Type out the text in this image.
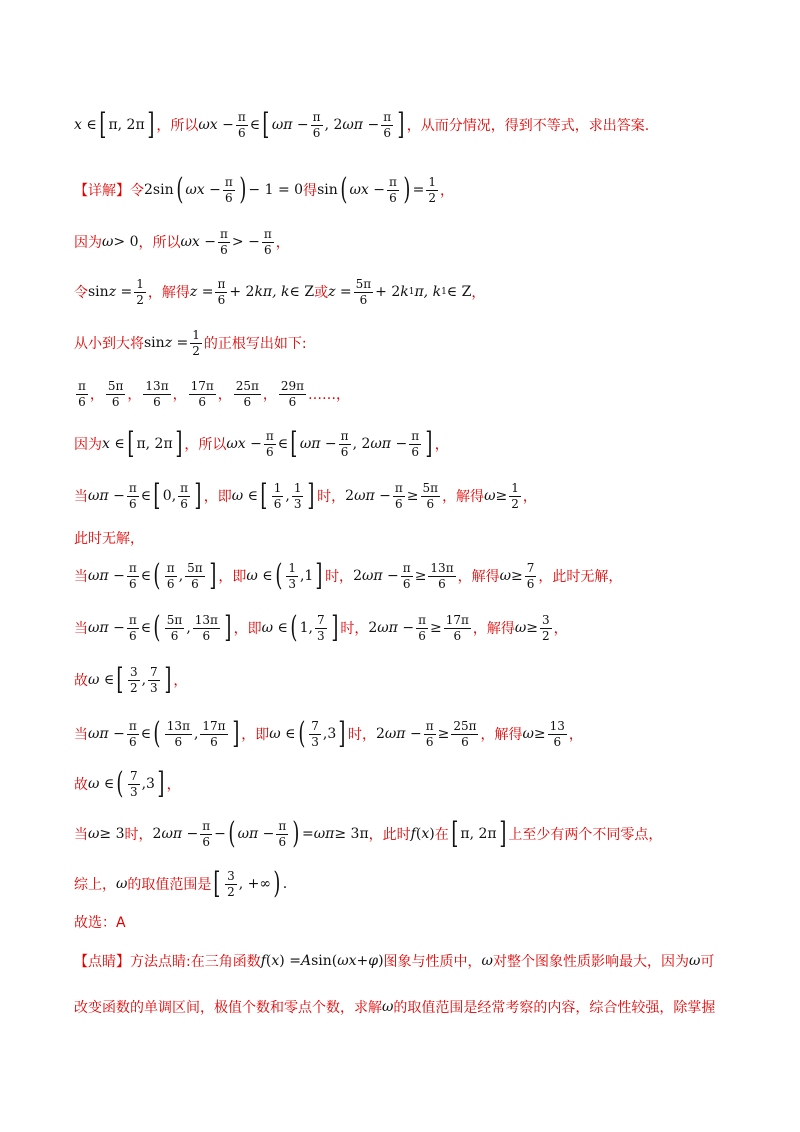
x ∈ [ π, 2π ] ，所以 $\omega x - \frac{\pi}{6}$ ∈ [ $\omega\pi - \frac{\pi}{6}$ , 2 $\omega\pi - \frac{\pi}{6}$ ] ，从而分情况，得到不等式，求出答案.
【详解】 令 2sin ( $\omega x - \frac{\pi}{6}$ ) − 1 = 0 得 sin ( $\omega x - \frac{\pi}{6}$ ) = $\frac{1}{2}$ ，
因为 ω > 0 ，所以 $\omega x - \frac{\pi}{6}$ > − $\frac{\pi}{6}$ ，
令 $\sin z = \frac{1}{2}$ ，解得 $z = \frac{\pi}{6} + 2$ kπ, k ∈ Z 或 $z = \frac{5\pi}{6} + 2$ k 1 π, k 1 ∈ Z ，
从小到大将 $\sin z = \frac{1}{2}$ 的正根写出如下:
$\frac{\pi}{6}$ ， $\frac{5\pi}{6}$ ， $\frac{13\pi}{6}$ ， $\frac{17\pi}{6}$ ， $\frac{25\pi}{6}$ ， $\frac{29\pi}{6}$ ……，
因为 x ∈ [ π, 2π ] ，所以 $\omega x - \frac{\pi}{6}$ ∈ [ $\omega\pi - \frac{\pi}{6}$ , 2 $\omega\pi - \frac{\pi}{6}$ ] ，
当 $\omega\pi - \frac{\pi}{6}$ ∈ [ 0, $\frac{\pi}{6}$ ] ，即 ω ∈ [ $\frac{1}{6}$ , $\frac{1}{3}$ ] 时， 2 $\omega\pi - \frac{\pi}{6} \ge \frac{5\pi}{6}$ ，解得 $\omega \ge \frac{1}{2}$ ，
此时无解，
当 $\omega\pi - \frac{\pi}{6}$ ∈ ( $\frac{\pi}{6}$ , $\frac{5\pi}{6}$ ] ，即 ω ∈ ( $\frac{1}{3} ,1$ ] 时， 2 $\omega\pi - \frac{\pi}{6} \ge \frac{13\pi}{6}$ ，解得 $\omega \ge \frac{7}{6}$ ，此时无解，
当 $\omega\pi - \frac{\pi}{6}$ ∈ ( $\frac{5\pi}{6}$ , $\frac{13\pi}{6}$ ] ，即 ω ∈ ( 1, $\frac{7}{3}$ ] 时， 2 $\omega\pi - \frac{\pi}{6} \ge \frac{17\pi}{6}$ ，解得 $\omega \ge \frac{3}{2}$ ，
故 ω ∈ [ $\frac{3}{2}$ , $\frac{7}{3}$ ] ，
当 $\omega\pi - \frac{\pi}{6}$ ∈ ( $\frac{13\pi}{6}$ , $\frac{17\pi}{6}$ ] ，即 ω ∈ ( $\frac{7}{3} ,3$ ] 时， 2 $\omega\pi - \frac{\pi}{6} \ge \frac{25\pi}{6}$ ，解得 $\omega \ge \frac{13}{6}$ ，
故 ω ∈ ( $\frac{7}{3} ,3$ ] ，
当 ω ≥ 3 时， 2 $\omega\pi - \frac{\pi}{6}$ − ( $\omega\pi - \frac{\pi}{6}$ ) = ωπ ≥ 3π ，此时 f ( x ) 在 [ π, 2π ] 上至少有两个不同零点，
综上， ω 的取值范围是 [ $\frac{3}{2}$ , +∞ ) .
故选：A
【点睛】 方法点睛:在三角函数 f ( x ) = A sin( ωx + φ ) 图象与性质中， ω 对整个图象性质影响最大，因为 ω 可
改变函数的单调区间，极值个数和零点个数，求解 ω 的取值范围是经常考察的内容，综合性较强，除掌握
